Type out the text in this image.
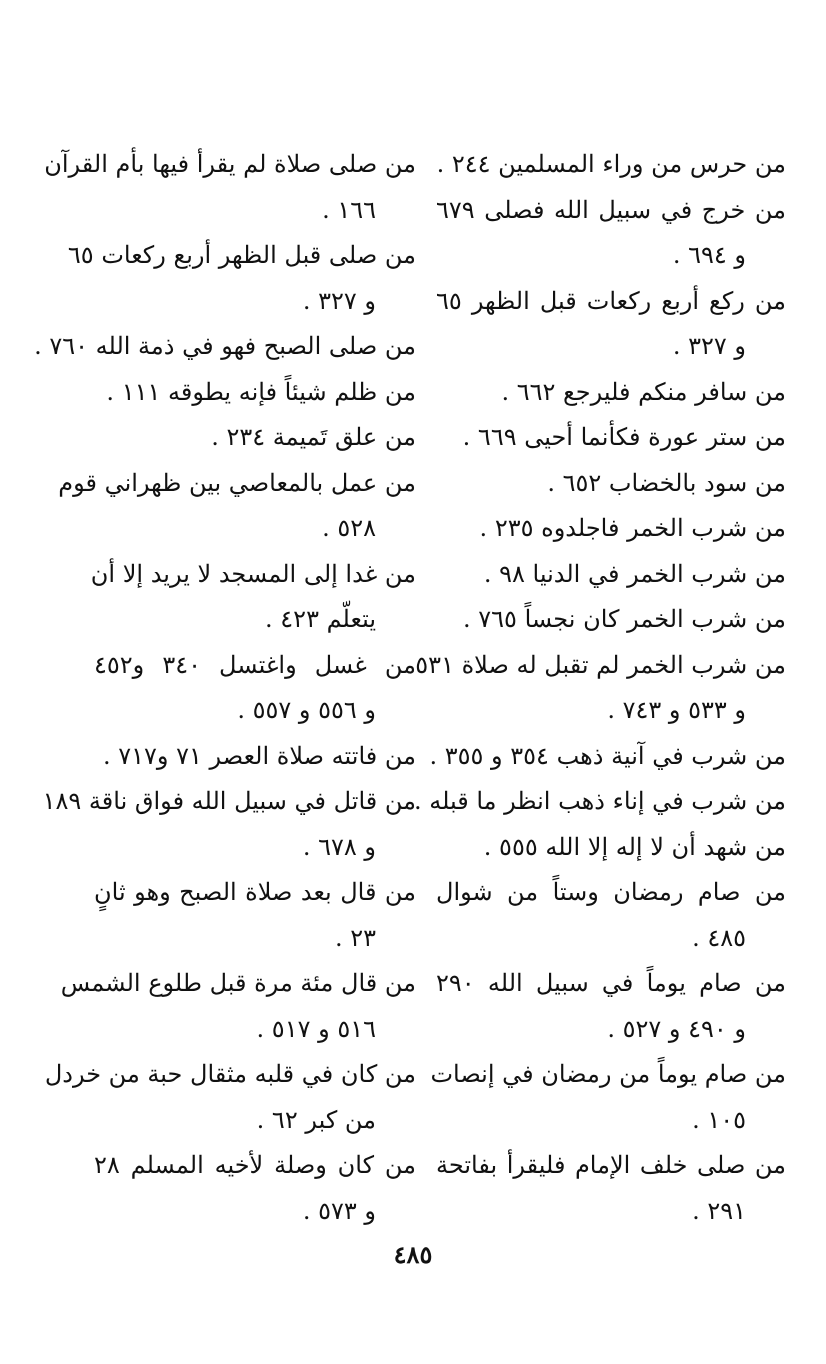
من حرس من وراء المسلمين ٢٤٤ .
من خرج في سبيل الله فصلى ٦٧٩
و ٦٩٤ .
من ركع أربع ركعات قبل الظهر ٦٥
و ٣٢٧ .
من سافر منكم فليرجع ٦٦٢ .
من ستر عورة فكأنما أحيى ٦٦٩ .
من سود بالخضاب ٦٥٢ .
من شرب الخمر فاجلدوه ٢٣٥ .
من شرب الخمر في الدنيا ٩٨ .
من شرب الخمر كان نجساً ٧٦٥ .
من شرب الخمر لم تقبل له صلاة ٥٣١
و ٥٣٣ و ٧٤٣ .
من شرب في آنية ذهب ٣٥٤ و ٣٥٥ .
من شرب في إناء ذهب انظر ما قبله .
من شهد أن لا إله إلا الله ٥٥٥ .
من صام رمضان وستاً من شوال
٤٨٥ .
من صام يوماً في سبيل الله ٢٩٠
و ٤٩٠ و ٥٢٧ .
من صام يوماً من رمضان في إنصات
١٠٥ .
من صلى خلف الإمام فليقرأ بفاتحة
٢٩١ .
من صلى صلاة لم يقرأ فيها بأم القرآن
١٦٦ .
من صلى قبل الظهر أربع ركعات ٦٥
و ٣٢٧ .
من صلى الصبح فهو في ذمة الله ٧٦٠ .
من ظلم شيئاً فإنه يطوقه ١١١ .
من علق تَميمة ٢٣٤ .
من عمل بالمعاصي بين ظهراني قوم
٥٢٨ .
من غدا إلى المسجد لا يريد إلا أن
يتعلّم ٤٢٣ .
من غسل واغتسل ٣٤٠ و٤٥٢
و ٥٥٦ و ٥٥٧ .
من فاتته صلاة العصر ٧١ و٧١٧ .
من قاتل في سبيل الله فواق ناقة ١٨٩
و ٦٧٨ .
من قال بعد صلاة الصبح وهو ثانٍ
٢٣ .
من قال مئة مرة قبل طلوع الشمس
٥١٦ و ٥١٧ .
من كان في قلبه مثقال حبة من خردل
من كبر ٦٢ .
من كان وصلة لأخيه المسلم ٢٨
و ٥٧٣ .
٤٨٥
